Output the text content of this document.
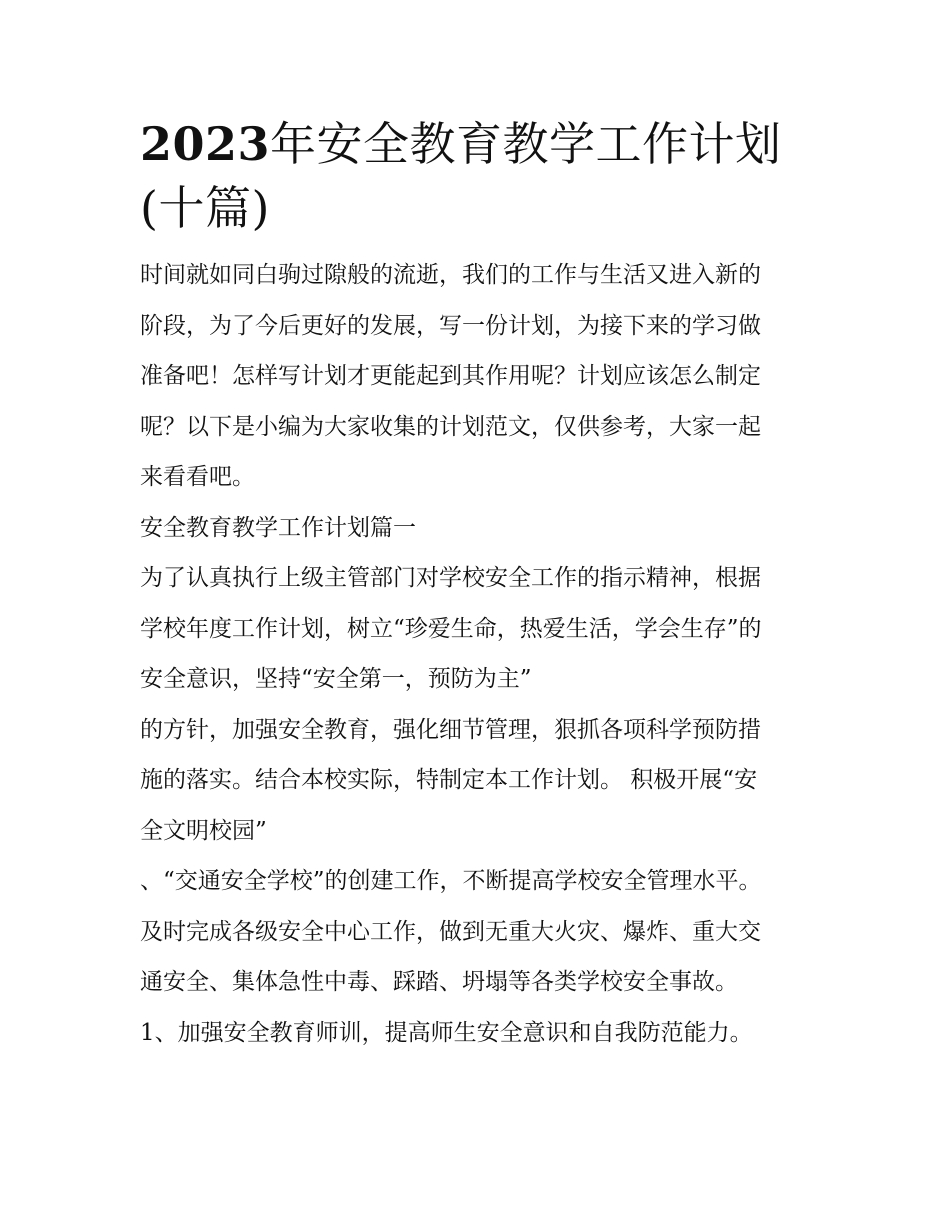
2023年安全教育教学工作计划
(十篇)

时间就如同白驹过隙般的流逝，我们的工作与生活又进入新的
阶段，为了今后更好的发展，写一份计划，为接下来的学习做
准备吧！怎样写计划才更能起到其作用呢？计划应该怎么制定
呢？以下是小编为大家收集的计划范文，仅供参考，大家一起
来看看吧。

安全教育教学工作计划篇一

为了认真执行上级主管部门对学校安全工作的指示精神，根据
学校年度工作计划，树立“珍爱生命，热爱生活，学会生存”的
安全意识，坚持“安全第一，预防为主”

的方针，加强安全教育，强化细节管理，狠抓各项科学预防措
施的落实。结合本校实际，特制定本工作计划。 积极开展“安
全文明校园”

、“交通安全学校”的创建工作，不断提高学校安全管理水平。
及时完成各级安全中心工作，做到无重大火灾、爆炸、重大交
通安全、集体急性中毒、踩踏、坍塌等各类学校安全事故。

1、加强安全教育师训，提高师生安全意识和自我防范能力。
